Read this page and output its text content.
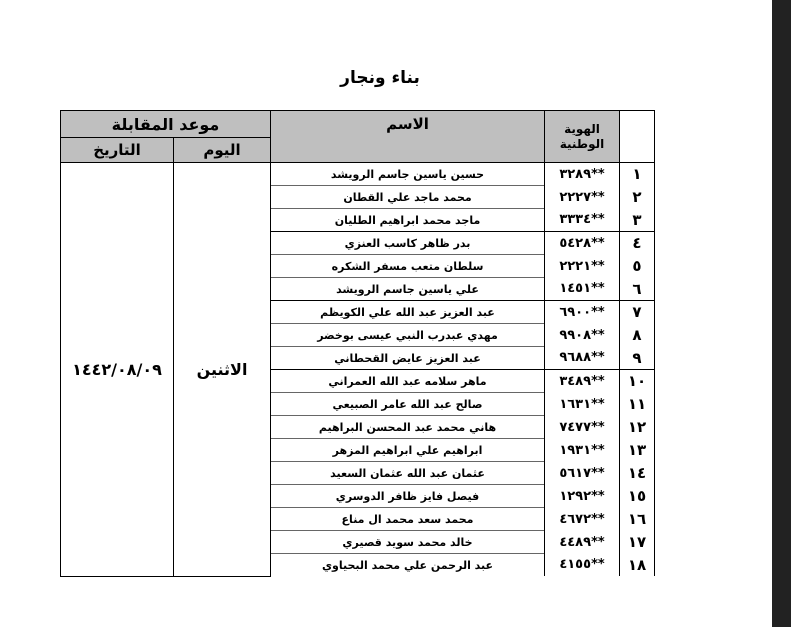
بناء ونجار
	الهوية الوطنية	الاسم	موعد المقابلة	
			اليوم	التاريخ
١	**٣٢٨٩	حسين ياسين جاسم الرويشد	الاثنين	١٤٤٢/٠٨/٠٩
٢	**٢٢٢٧	محمد ماجد علي القطان		
٣	**٣٣٣٤	ماجد محمد ابراهيم الطليان		
٤	**٥٤٢٨	بدر ظاهر كاسب العنزي		
٥	**٢٢٢١	سلطان متعب مسفر الشكره		
٦	**١٤٥١	علي ياسين جاسم الرويشد		
٧	**٦٩٠٠	عبد العزيز عبد الله علي الكويظم		
٨	**٩٩٠٨	مهدي عبدرب النبي عيسى بوخضر		
٩	**٩٦٨٨	عبد العزيز عايض القحطاني		
١٠	**٣٤٨٩	ماهر سلامه عبد الله العمراني		
١١	**١٦٣١	صالح عبد الله عامر الصبيعي		
١٢	**٧٤٧٧	هاني محمد عبد المحسن البراهيم		
١٣	**١٩٣١	ابراهيم علي ابراهيم المزهر		
١٤	**٥٦١٧	عثمان عبد الله عثمان السعيد		
١٥	**١٢٩٢	فيصل فايز ظافر الدوسري		
١٦	**٤٦٧٢	محمد سعد محمد ال مناع		
١٧	**٤٤٨٩	خالد محمد سويد قصيري		
١٨	**٤١٥٥	عبد الرحمن علي محمد البحياوي		
